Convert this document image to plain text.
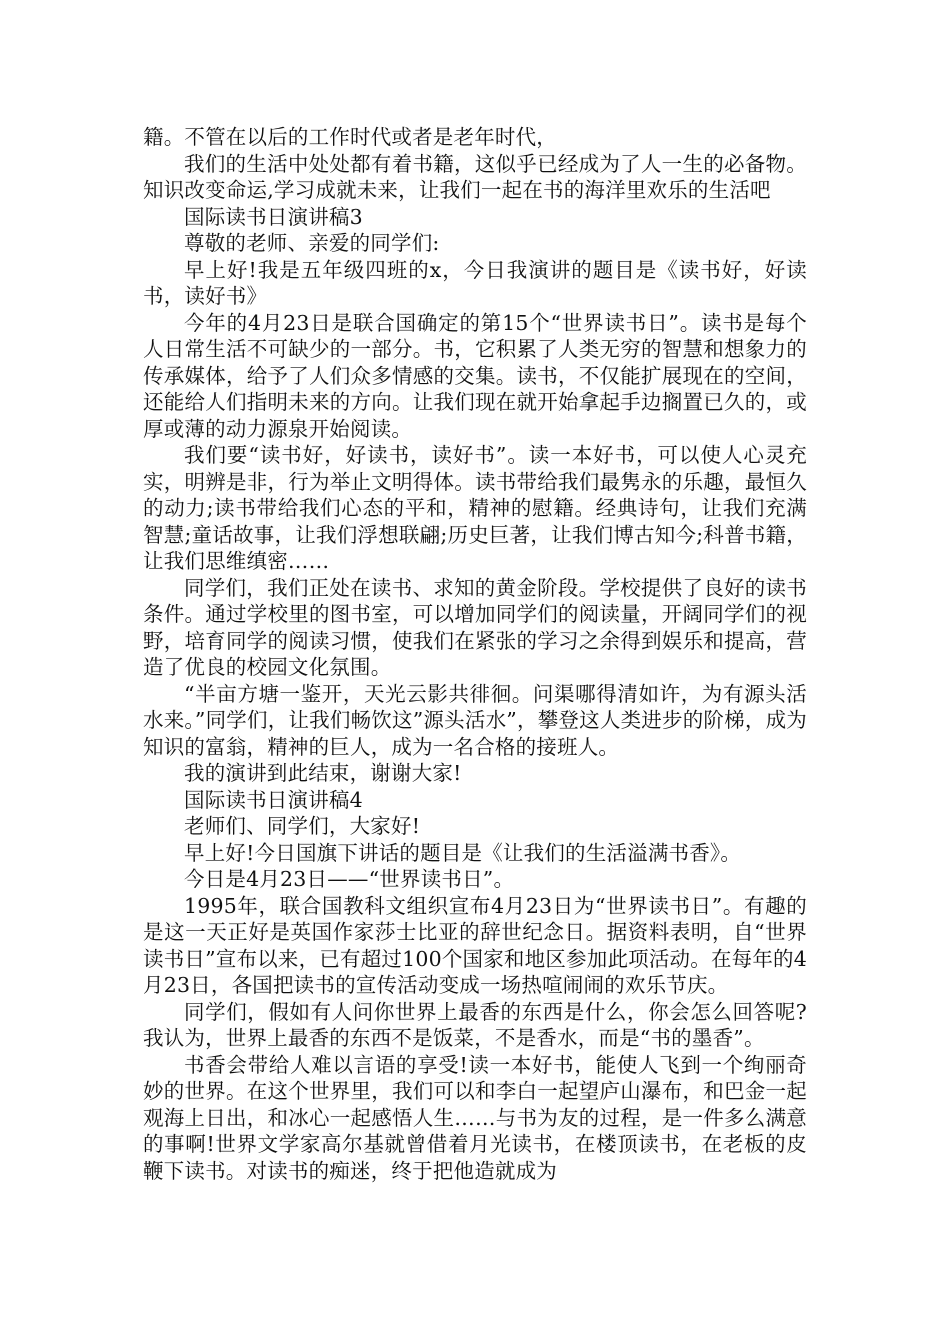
籍。不管在以后的工作时代或者是老年时代，

我们的生活中处处都有着书籍，这似乎已经成为了人一生的必备物。知识改变命运,学习成就未来，让我们一起在书的海洋里欢乐的生活吧

国际读书日演讲稿3

尊敬的老师、亲爱的同学们:

早上好!我是五年级四班的x，今日我演讲的题目是《读书好，好读书，读好书》

今年的4月23日是联合国确定的第15个“世界读书日”。读书是每个人日常生活不可缺少的一部分。书，它积累了人类无穷的智慧和想象力的传承媒体，给予了人们众多情感的交集。读书，不仅能扩展现在的空间，还能给人们指明未来的方向。让我们现在就开始拿起手边搁置已久的，或厚或薄的动力源泉开始阅读。

我们要“读书好，好读书，读好书”。读一本好书，可以使人心灵充实，明辨是非，行为举止文明得体。读书带给我们最隽永的乐趣，最恒久的动力;读书带给我们心态的平和，精神的慰籍。经典诗句，让我们充满智慧;童话故事，让我们浮想联翩;历史巨著，让我们博古知今;科普书籍，让我们思维缜密……

同学们，我们正处在读书、求知的黄金阶段。学校提供了良好的读书条件。通过学校里的图书室，可以增加同学们的阅读量，开阔同学们的视野，培育同学的阅读习惯，使我们在紧张的学习之余得到娱乐和提高，营造了优良的校园文化氛围。

“半亩方塘一鉴开，天光云影共徘徊。问渠哪得清如许，为有源头活水来。”同学们，让我们畅饮这”源头活水”，攀登这人类进步的阶梯，成为知识的富翁，精神的巨人，成为一名合格的接班人。

我的演讲到此结束，谢谢大家!

国际读书日演讲稿4

老师们、同学们，大家好!

早上好!今日国旗下讲话的题目是《让我们的生活溢满书香》。

今日是4月23日——“世界读书日”。

1995年，联合国教科文组织宣布4月23日为“世界读书日”。有趣的是这一天正好是英国作家莎士比亚的辞世纪念日。据资料表明，自“世界读书日”宣布以来，已有超过100个国家和地区参加此项活动。在每年的4月23日，各国把读书的宣传活动变成一场热喧闹闹的欢乐节庆。

同学们，假如有人问你世界上最香的东西是什么，你会怎么回答呢?我认为，世界上最香的东西不是饭菜，不是香水，而是“书的墨香”。

书香会带给人难以言语的享受!读一本好书，能使人飞到一个绚丽奇妙的世界。在这个世界里，我们可以和李白一起望庐山瀑布，和巴金一起观海上日出，和冰心一起感悟人生……与书为友的过程，是一件多么满意的事啊!世界文学家高尔基就曾借着月光读书，在楼顶读书，在老板的皮鞭下读书。对读书的痴迷，终于把他造就成为
